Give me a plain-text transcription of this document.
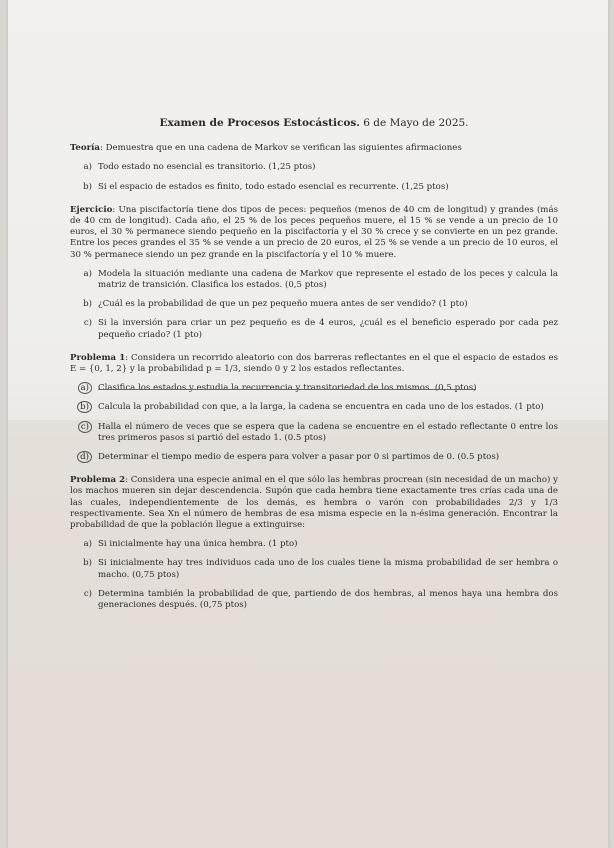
Examen de Procesos Estocásticos. 6 de Mayo de 2025.

Teoría: Demuestra que en una cadena de Markov se verifican las siguientes afirmaciones

a) Todo estado no esencial es transitorio. (1,25 ptos)
b) Si el espacio de estados es finito, todo estado esencial es recurrente. (1,25 ptos)

Ejercicio: Una piscifactoría tiene dos tipos de peces: pequeños (menos de 40 cm de longitud) y grandes (más de 40 cm de longitud). Cada año, el 25 % de los peces pequeños muere, el 15 % se vende a un precio de 10 euros, el 30 % permanece siendo pequeño en la piscifactoría y el 30 % crece y se convierte en un pez grande. Entre los peces grandes el 35 % se vende a un precio de 20 euros, el 25 % se vende a un precio de 10 euros, el 30 % permanece siendo un pez grande en la piscifactoría y el 10 % muere.

a) Modela la situación mediante una cadena de Markov que represente el estado de los peces y calcula la matriz de transición. Clasifica los estados. (0,5 ptos)
b) ¿Cuál es la probabilidad de que un pez pequeño muera antes de ser vendido? (1 pto)
c) Si la inversión para criar un pez pequeño es de 4 euros, ¿cuál es el beneficio esperado por cada pez pequeño criado? (1 pto)

Problema 1: Considera un recorrido aleatorio con dos barreras reflectantes en el que el espacio de estados es E = {0, 1, 2} y la probabilidad p = 1/3, siendo 0 y 2 los estados reflectantes.

a)	Clasifica los estados y estudia la recurrencia y transitoriedad de los mismos. (0,5 ptos)
b)	Calcula la probabilidad con que, a la larga, la cadena se encuentra en cada uno de los estados. (1 pto)
c)	Halla el número de veces que se espera que la cadena se encuentre en el estado reflectante 0 entre los tres primeros pasos si partió del estado 1. (0.5 ptos)
d)	Determinar el tiempo medio de espera para volver a pasar por 0 si partimos de 0. (0.5 ptos)

Problema 2: Considera una especie animal en el que sólo las hembras procrean (sin necesidad de un macho) y los machos mueren sin dejar descendencia. Supón que cada hembra tiene exactamente tres crías cada una de las cuales, independientemente de los demás, es hembra o varón con probabilidades 2/3 y 1/3 respectivamente. Sea Xn el número de hembras de esa misma especie en la n-ésima generación. Encontrar la probabilidad de que la población llegue a extinguirse:

a) Si inicialmente hay una única hembra. (1 pto)
b) Si inicialmente hay tres individuos cada uno de los cuales tiene la misma probabilidad de ser hembra o macho. (0,75 ptos)
c) Determina también la probabilidad de que, partiendo de dos hembras, al menos haya una hembra dos generaciones después. (0,75 ptos)
